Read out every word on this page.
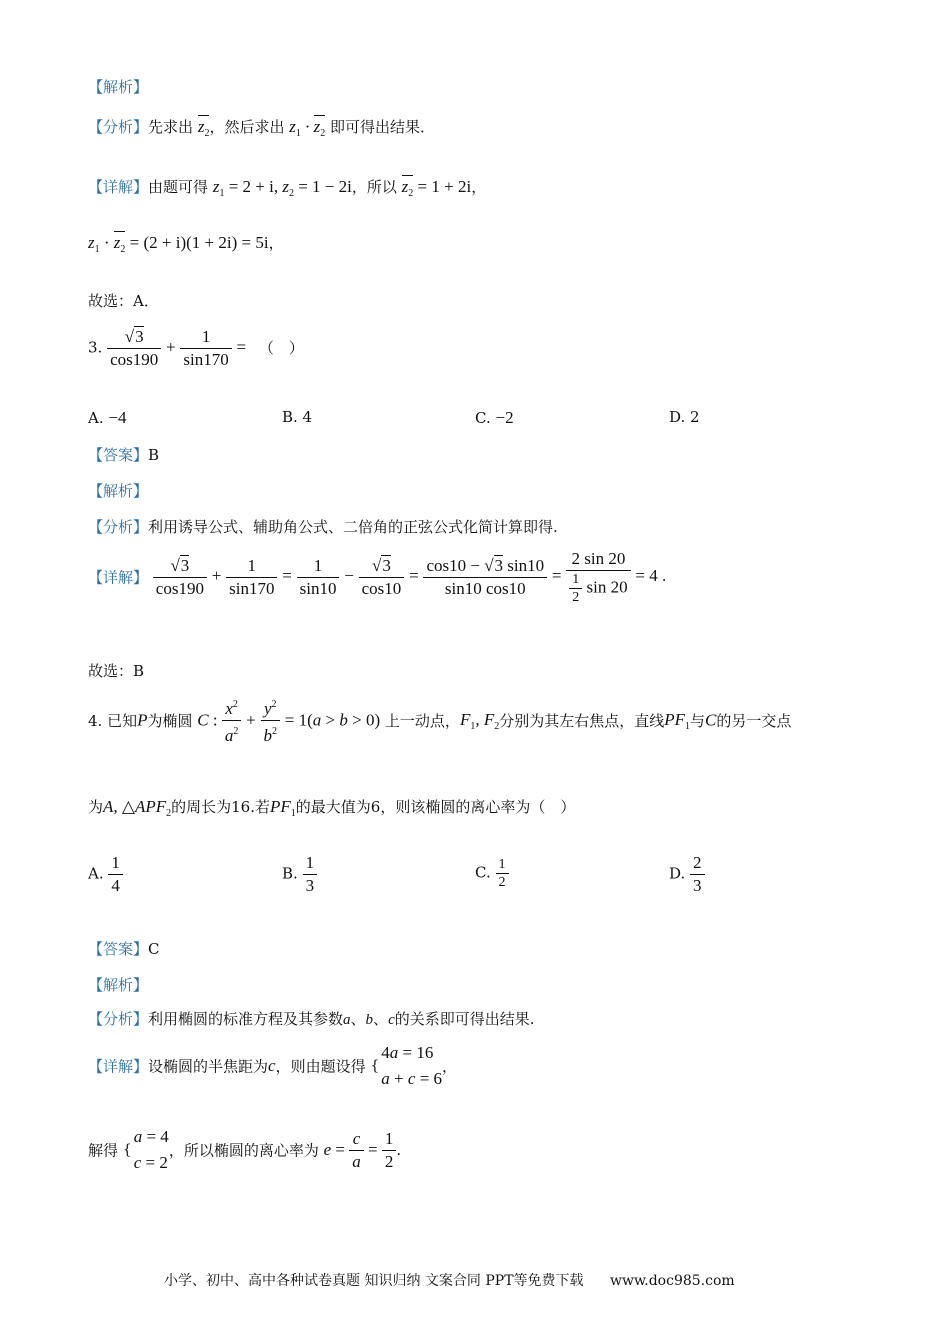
【解析】
【分析】先求出 $z_2$，然后求出 $z_1 \cdot z_2$ 即可得出结果．
【详解】由题可得 $z_1 = 2 + i$, $z_2 = 1 - 2i$，所以 $z_2 = 1 + 2i$，
$z_1 \cdot z_2 = (2 + i)(1 + 2i) = 5i$，
故选：A．
3. $\frac{√3}{\cos 190} + \frac{1}{\sin 170}$ = （　）
A. −4	B. 4	C. −2	D. 2
【答案】B
【解析】
【分析】利用诱导公式、辅助角公式、二倍角的正弦公式化简计算即得.
【详解】 $\frac{√3}{\cos 190} + \frac{1}{\sin 170} = \frac{1}{\sin 10} - \frac{√3}{\cos 10} = \frac{\cos 10 - √3 \sin 10}{\sin 10 \cos 10} = \frac{2 \sin 20}{\frac{1}{2} \sin 20} = 4$ .
故选：B
4. 已知P为椭圆 C : $\frac{x^2}{a^2} + \frac{y^2}{b^2} = 1(a > b > 0)$ 上一动点，$F_1$, $F_2$分别为其左右焦点，直线$PF_1$与C的另一交点
为A, $\triangle APF_2$的周长为16.若$PF_1$的最大值为6，则该椭圆的离心率为（　）
A. $\frac{1}{4}$	B. $\frac{1}{3}$	C. $\frac{1}{2}$	D. $\frac{2}{3}$
【答案】C
【解析】
【分析】利用椭圆的标准方程及其参数a、b、c的关系即可得出结果.
【详解】设椭圆的半焦距为c，则由题设得 {
4a = 16
a + c = 6
，
解得 {
a = 4
c = 2
，所以椭圆的离心率为 $e = \frac{c}{a} = \frac{1}{2}$ .
小学、初中、高中各种试卷真题 知识归纳 文案合同 PPT等免费下载 www.doc985.com
